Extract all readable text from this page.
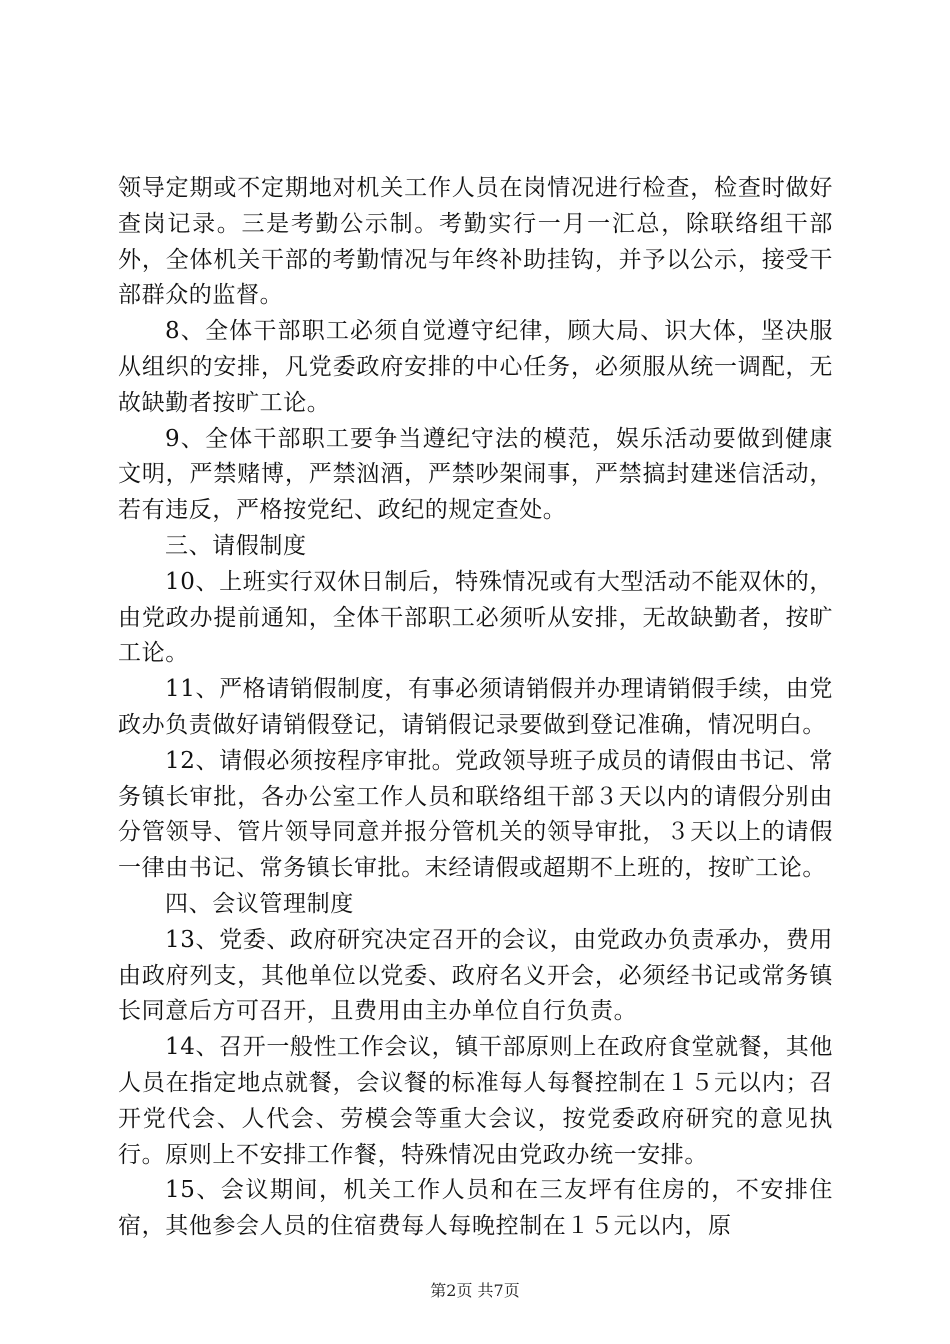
领导定期或不定期地对机关工作人员在岗情况进行检查，检查时做好查岗记录。三是考勤公示制。考勤实行一月一汇总，除联络组干部外，全体机关干部的考勤情况与年终补助挂钩，并予以公示，接受干部群众的监督。

8、全体干部职工必须自觉遵守纪律，顾大局、识大体，坚决服从组织的安排，凡党委政府安排的中心任务，必须服从统一调配，无故缺勤者按旷工论。

9、全体干部职工要争当遵纪守法的模范，娱乐活动要做到健康文明，严禁赌博，严禁汹酒，严禁吵架闹事，严禁搞封建迷信活动，若有违反，严格按党纪、政纪的规定查处。

三、请假制度

10、上班实行双休日制后，特殊情况或有大型活动不能双休的，由党政办提前通知，全体干部职工必须听从安排，无故缺勤者，按旷工论。

11、严格请销假制度，有事必须请销假并办理请销假手续，由党政办负责做好请销假登记，请销假记录要做到登记准确，情况明白。

12、请假必须按程序审批。党政领导班子成员的请假由书记、常务镇长审批，各办公室工作人员和联络组干部３天以内的请假分别由分管领导、管片领导同意并报分管机关的领导审批，３天以上的请假一律由书记、常务镇长审批。末经请假或超期不上班的，按旷工论。

四、会议管理制度

13、党委、政府研究决定召开的会议，由党政办负责承办，费用由政府列支，其他单位以党委、政府名义开会，必须经书记或常务镇长同意后方可召开，且费用由主办单位自行负责。

14、召开一般性工作会议，镇干部原则上在政府食堂就餐，其他人员在指定地点就餐，会议餐的标准每人每餐控制在１５元以内；召开党代会、人代会、劳模会等重大会议，按党委政府研究的意见执行。原则上不安排工作餐，特殊情况由党政办统一安排。

15、会议期间，机关工作人员和在三友坪有住房的，不安排住宿，其他参会人员的住宿费每人每晚控制在１５元以内，原

第2页 共7页
